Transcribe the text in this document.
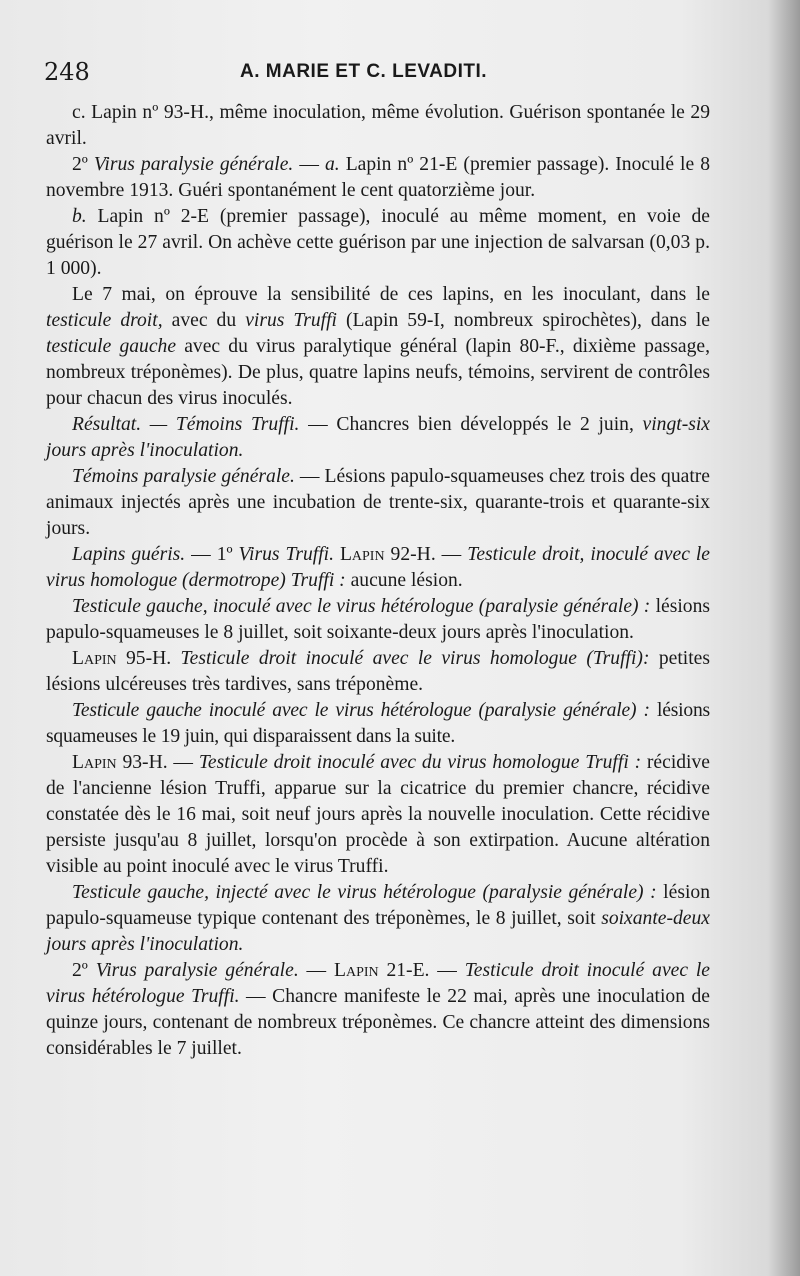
248	A. MARIE ET C. LEVADITI.

c. Lapin nº 93-H., même inoculation, même évolution. Guérison spontanée le 29 avril.

2º Virus paralysie générale. — a. Lapin nº 21-E (premier passage). Inoculé le 8 novembre 1913. Guéri spontanément le cent quatorzième jour.

b. Lapin nº 2-E (premier passage), inoculé au même moment, en voie de guérison le 27 avril. On achève cette guérison par une injection de salvarsan (0,03 p. 1 000).

Le 7 mai, on éprouve la sensibilité de ces lapins, en les inoculant, dans le testicule droit, avec du virus Truffi (Lapin 59-I, nombreux spirochètes), dans le testicule gauche avec du virus paralytique général (lapin 80-F., dixième passage, nombreux tréponèmes). De plus, quatre lapins neufs, témoins, servirent de contrôles pour chacun des virus inoculés.

Résultat. — Témoins Truffi. — Chancres bien développés le 2 juin, vingt-six jours après l'inoculation.

Témoins paralysie générale. — Lésions papulo-squameuses chez trois des quatre animaux injectés après une incubation de trente-six, quarante-trois et quarante-six jours.

Lapins guéris. — 1º Virus Truffi. Lapin 92-H. — Testicule droit, inoculé avec le virus homologue (dermotrope) Truffi : aucune lésion.

Testicule gauche, inoculé avec le virus hétérologue (paralysie générale) : lésions papulo-squameuses le 8 juillet, soit soixante-deux jours après l'inoculation.

Lapin 95-H. Testicule droit inoculé avec le virus homologue (Truffi): petites lésions ulcéreuses très tardives, sans tréponème.

Testicule gauche inoculé avec le virus hétérologue (paralysie générale) : lésions squameuses le 19 juin, qui disparaissent dans la suite.

Lapin 93-H. — Testicule droit inoculé avec du virus homologue Truffi : récidive de l'ancienne lésion Truffi, apparue sur la cicatrice du premier chancre, récidive constatée dès le 16 mai, soit neuf jours après la nouvelle inoculation. Cette récidive persiste jusqu'au 8 juillet, lorsqu'on procède à son extirpation. Aucune altération visible au point inoculé avec le virus Truffi.

Testicule gauche, injecté avec le virus hétérologue (paralysie générale) : lésion papulo-squameuse typique contenant des tréponèmes, le 8 juillet, soit soixante-deux jours après l'inoculation.

2º Virus paralysie générale. — Lapin 21-E. — Testicule droit inoculé avec le virus hétérologue Truffi. — Chancre manifeste le 22 mai, après une inoculation de quinze jours, contenant de nombreux tréponèmes. Ce chancre atteint des dimensions considérables le 7 juillet.
